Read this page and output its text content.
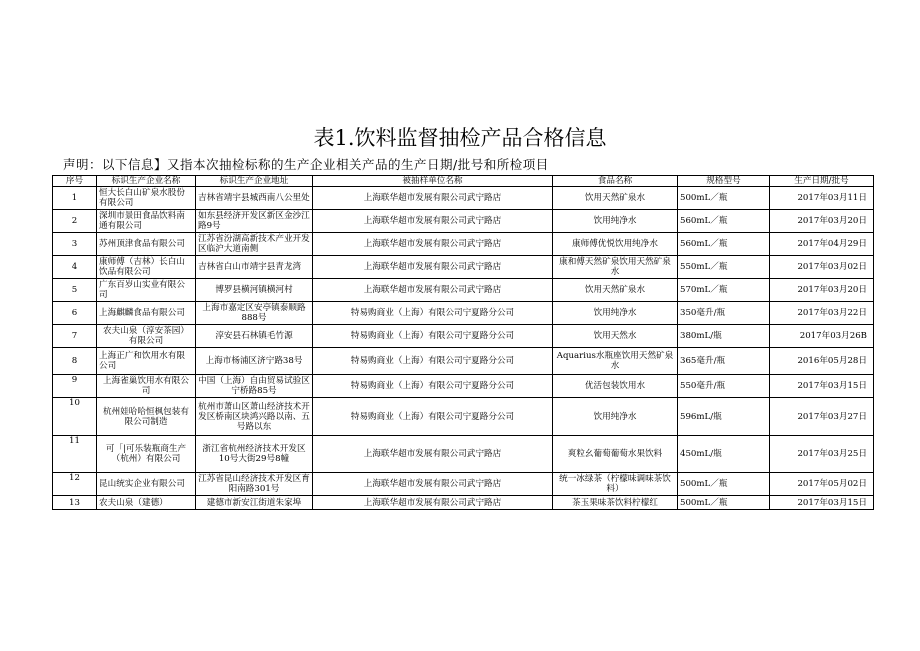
表1.饮料监督抽检产品合格信息
声明：以下信息】又指本次抽检标称的生产企业相关产品的生产日期/批号和所检项目
序号	标识生产企业名称	标识生产企业地址	被抽样单位名称	食品名称	规格型号	生产日期/批号
1	恒大长白山矿泉水股份有限公司	吉林省靖宇县城西南八公里处	上海联华超市发展有限公司武宁路店	饮用天然矿泉水	500mL／瓶	2017年03月11日
2	深圳市景田食品饮料南通有限公司	如东县经济开发区新区金沙江路9号	上海联华超市发展有限公司武宁路店	饮用纯净水	560mL／瓶	2017年03月20日
3	苏州顶津食品有限公司	江苏省汾湖高新技术产业开发区临沪大道南侧	上海联华超市发展有限公司武宁路店	康师傅优悦饮用纯净水	560mL／瓶	2017年04月29日
4	康师傅（吉林）长白山饮品有限公司	吉林省白山市靖宇县青龙湾	上海联华超市发展有限公司武宁路店	康和傅天然矿泉饮用天然矿泉水	550mL／瓶	2017年03月02日
5	广东百岁山实业有限公司	博罗县横河镇横河村	上海联华超市发展有限公司武宁路店	饮用天然矿泉水	570mL／瓶	2017年03月20日
6	上海麒麟食品有限公司	上海市嘉定区安亭镇泰顺路888号	特易购商业（上海）有限公司宁夏路分公司	饮用纯净水	350毫升/瓶	2017年03月22日
7	农夫山泉（淳安茶园）有限公司	淳安县石林镇毛竹源	特易购商业（上海）有限公司宁夏路分公司	饮用天然水	380mL/瓶	2017年03月26B
8	上海正广和饮用水有限公司	上海市杨浦区济宁路38号	特易购商业（上海）有限公司宁夏路分公司	Aquarius水瓶座饮用天然矿泉水	365毫升/瓶	2016年05月28日
9	上海雀巢饮用水有限公司	中国（上海）自由贸易试验区宁桥路85号	特易购商业（上海）有限公司宁夏路分公司	优活包装饮用水	550毫升/瓶	2017年03月15日
10	杭州娃哈哈恒枫包装有限公司制造	杭州市萧山区萧山经济技术开发区桥南区块鸿兴路以南、五号路以东	特易购商业（上海）有限公司宁夏路分公司	饮用纯净水	596mL/瓶	2017年03月27日
11	可「|可乐装瓶商生产（杭州）有限公司	浙江省杭州经济技术开发区10号大街29号8幢	上海联华超市发展有限公司武宁路店	爽粒幺葡萄葡萄水果饮料	450mL/瓶	2017年03月25日
12	昆山统实企业有限公司	江苏省昆山经济技术开发区育阳南路301号	上海联华超市发展有限公司武宁路店	统一冰绿茶（柠檬味调味茶饮料）	500mL／瓶	2017年05月02日
13	农夫山泉（建德）	建德市新安江街道朱家埠	上海联华超市发展有限公司武宁路店	茶玉果味茶饮料柠檬红	500mL／瓶	2017年03月15日
